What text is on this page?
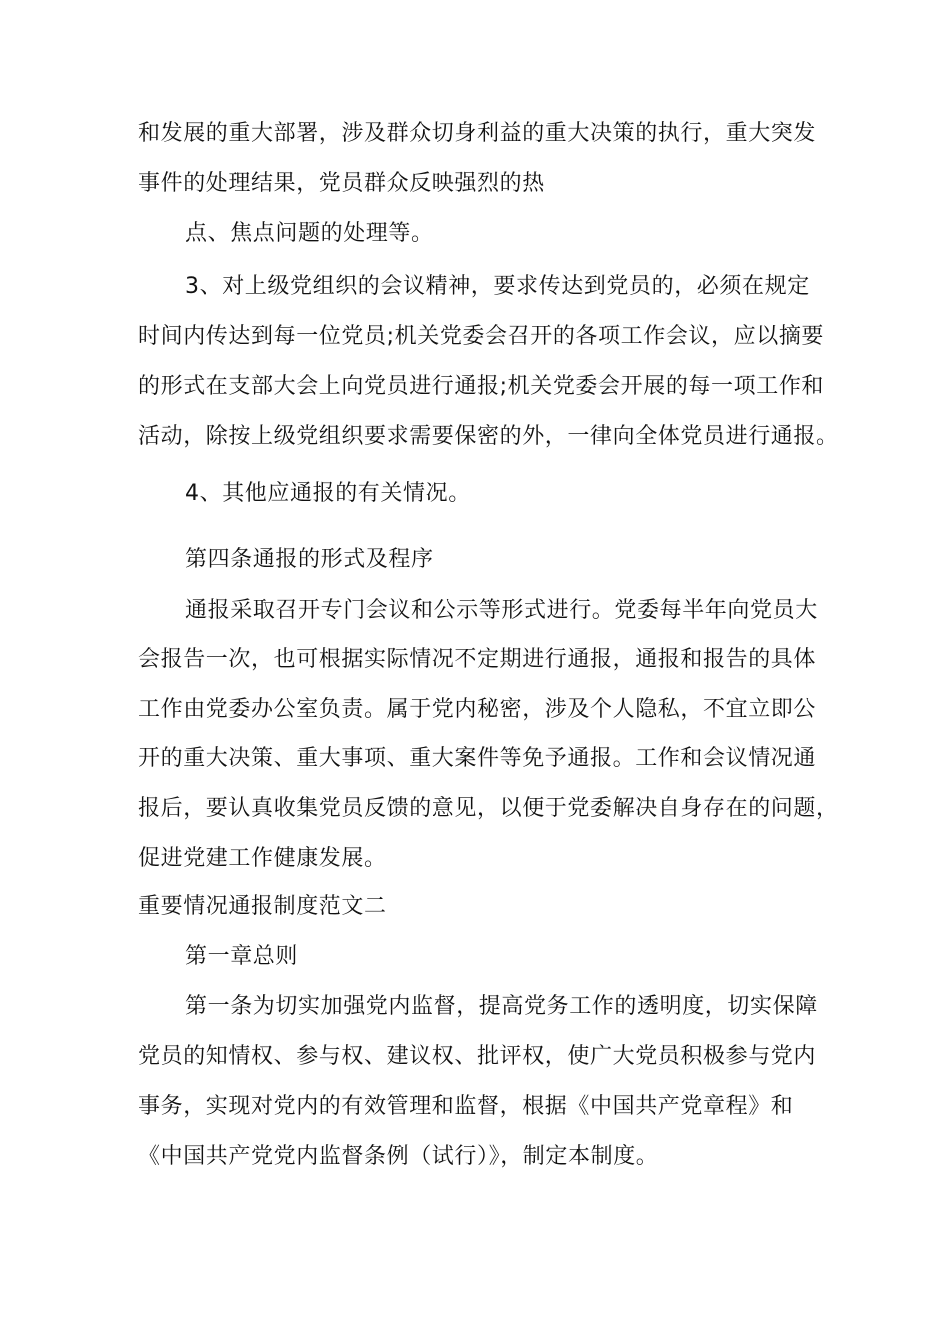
和发展的重大部署，涉及群众切身利益的重大决策的执行，重大突发
事件的处理结果，党员群众反映强烈的热
点、焦点问题的处理等。
3、对上级党组织的会议精神，要求传达到党员的，必须在规定
时间内传达到每一位党员;机关党委会召开的各项工作会议，应以摘要
的形式在支部大会上向党员进行通报;机关党委会开展的每一项工作和
活动，除按上级党组织要求需要保密的外，一律向全体党员进行通报。
4、其他应通报的有关情况。
第四条通报的形式及程序
通报采取召开专门会议和公示等形式进行。党委每半年向党员大
会报告一次，也可根据实际情况不定期进行通报，通报和报告的具体
工作由党委办公室负责。属于党内秘密，涉及个人隐私，不宜立即公
开的重大决策、重大事项、重大案件等免予通报。工作和会议情况通
报后，要认真收集党员反馈的意见，以便于党委解决自身存在的问题，
促进党建工作健康发展。
重要情况通报制度范文二
第一章总则
第一条为切实加强党内监督，提高党务工作的透明度，切实保障
党员的知情权、参与权、建议权、批评权，使广大党员积极参与党内
事务，实现对党内的有效管理和监督，根据《中国共产党章程》和
《中国共产党党内监督条例（试行）》，制定本制度。
